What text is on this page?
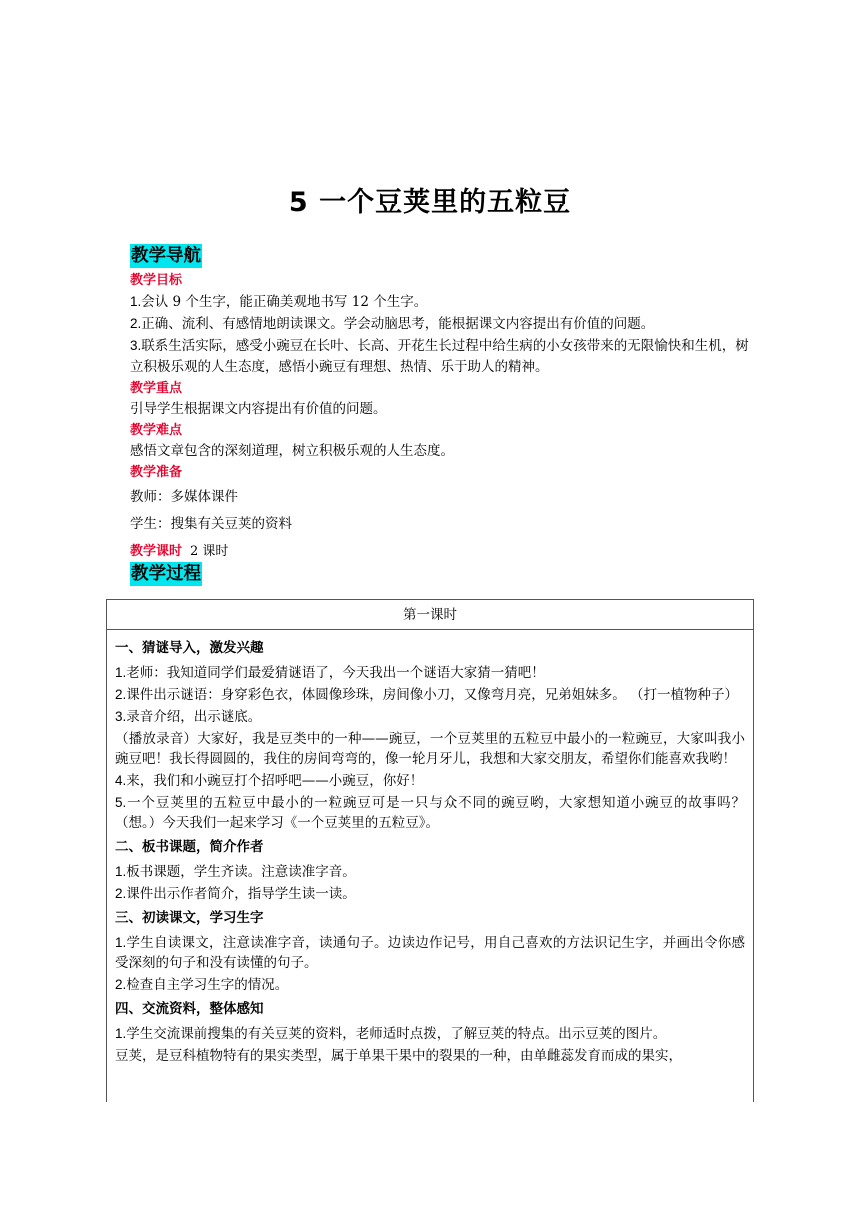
5 一个豆荚里的五粒豆
教学导航
教学目标

1.会认 9 个生字，能正确美观地书写 12 个生字。

2.正确、流利、有感情地朗读课文。学会动脑思考，能根据课文内容提出有价值的问题。

3.联系生活实际，感受小豌豆在长叶、长高、开花生长过程中给生病的小女孩带来的无限愉快和生机，树立积极乐观的人生态度，感悟小豌豆有理想、热情、乐于助人的精神。

教学重点

引导学生根据课文内容提出有价值的问题。

教学难点

感悟文章包含的深刻道理，树立积极乐观的人生态度。

教学准备

教师：多媒体课件

学生：搜集有关豆荚的资料

教学课时 2 课时
教学过程
第一课时
一、猜谜导入，激发兴趣

1.老师：我知道同学们最爱猜谜语了，今天我出一个谜语大家猜一猜吧！

2.课件出示谜语：身穿彩色衣，体圆像珍珠，房间像小刀，又像弯月亮，兄弟姐妹多。 （打一植物种子）

3.录音介绍，出示谜底。

（播放录音）大家好，我是豆类中的一种——豌豆，一个豆荚里的五粒豆中最小的一粒豌豆，大家叫我小豌豆吧！我长得圆圆的，我住的房间弯弯的，像一轮月牙儿，我想和大家交朋友，希望你们能喜欢我哟！

4.来，我们和小豌豆打个招呼吧——小豌豆，你好！

5.一个豆荚里的五粒豆中最小的一粒豌豆可是一只与众不同的豌豆哟，大家想知道小豌豆的故事吗？（想。）今天我们一起来学习《一个豆荚里的五粒豆》。

二、板书课题，简介作者

1.板书课题，学生齐读。注意读准字音。

2.课件出示作者简介，指导学生读一读。

三、初读课文，学习生字

1.学生自读课文，注意读准字音，读通句子。边读边作记号，用自己喜欢的方法识记生字，并画出令你感受深刻的句子和没有读懂的句子。

2.检查自主学习生字的情况。

四、交流资料，整体感知

1.学生交流课前搜集的有关豆荚的资料，老师适时点拨，了解豆荚的特点。出示豆荚的图片。

豆荚，是豆科植物特有的果实类型，属于单果干果中的裂果的一种，由单雌蕊发育而成的果实，
